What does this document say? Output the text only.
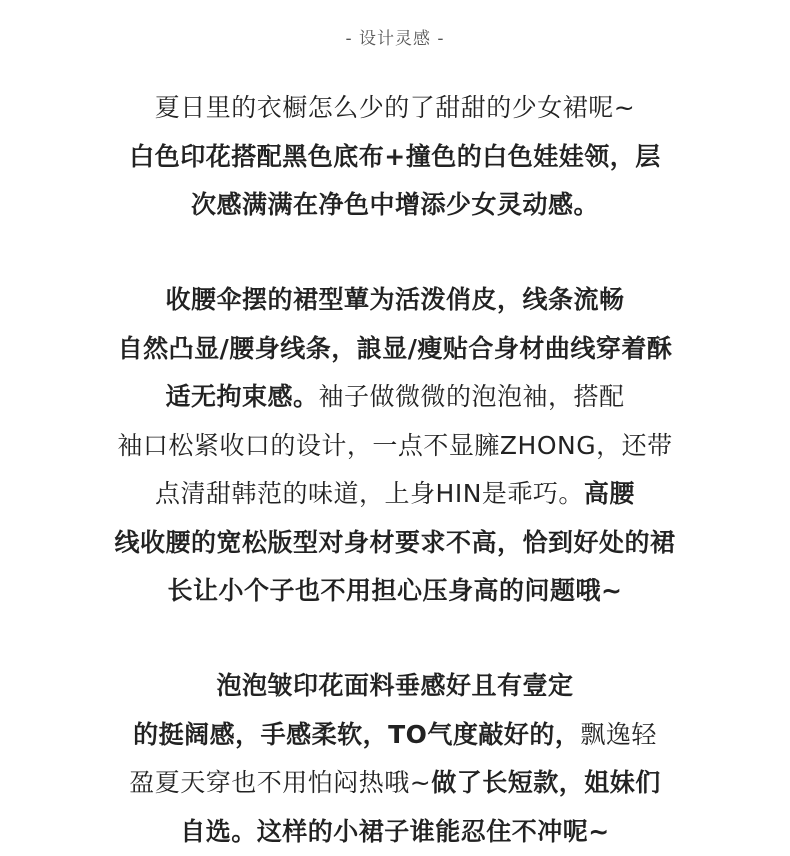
- 设计灵感 -
夏日里的衣橱怎么少的了甜甜的少女裙呢~
白色印花搭配黑色底布+撞色的白色娃娃领，层
次感满满在净色中增添少女灵动感。
收腰伞摆的裙型蕇为活泼俏皮，线条流畅
自然凸显/腰身线条，誏显/瘦贴合身材曲线穿着酥
适无拘束感。袖子做微微的泡泡袖，搭配
袖口松紧收口的设计，一点不显臃ZHONG，还带
点清甜韩范的味道，上身HIN是乖巧。高腰
线收腰的宽松版型对身材要求不高，恰到好处的裙
长让小个子也不用担心压身高的问题哦~
泡泡皱印花面料垂感好且有壹定
的挺阔感，手感柔软，TO气度敲好的，飘逸轻
盈夏天穿也不用怕闷热哦~做了长短款，姐妹们
自选。这样的小裙子谁能忍住不冲呢~
